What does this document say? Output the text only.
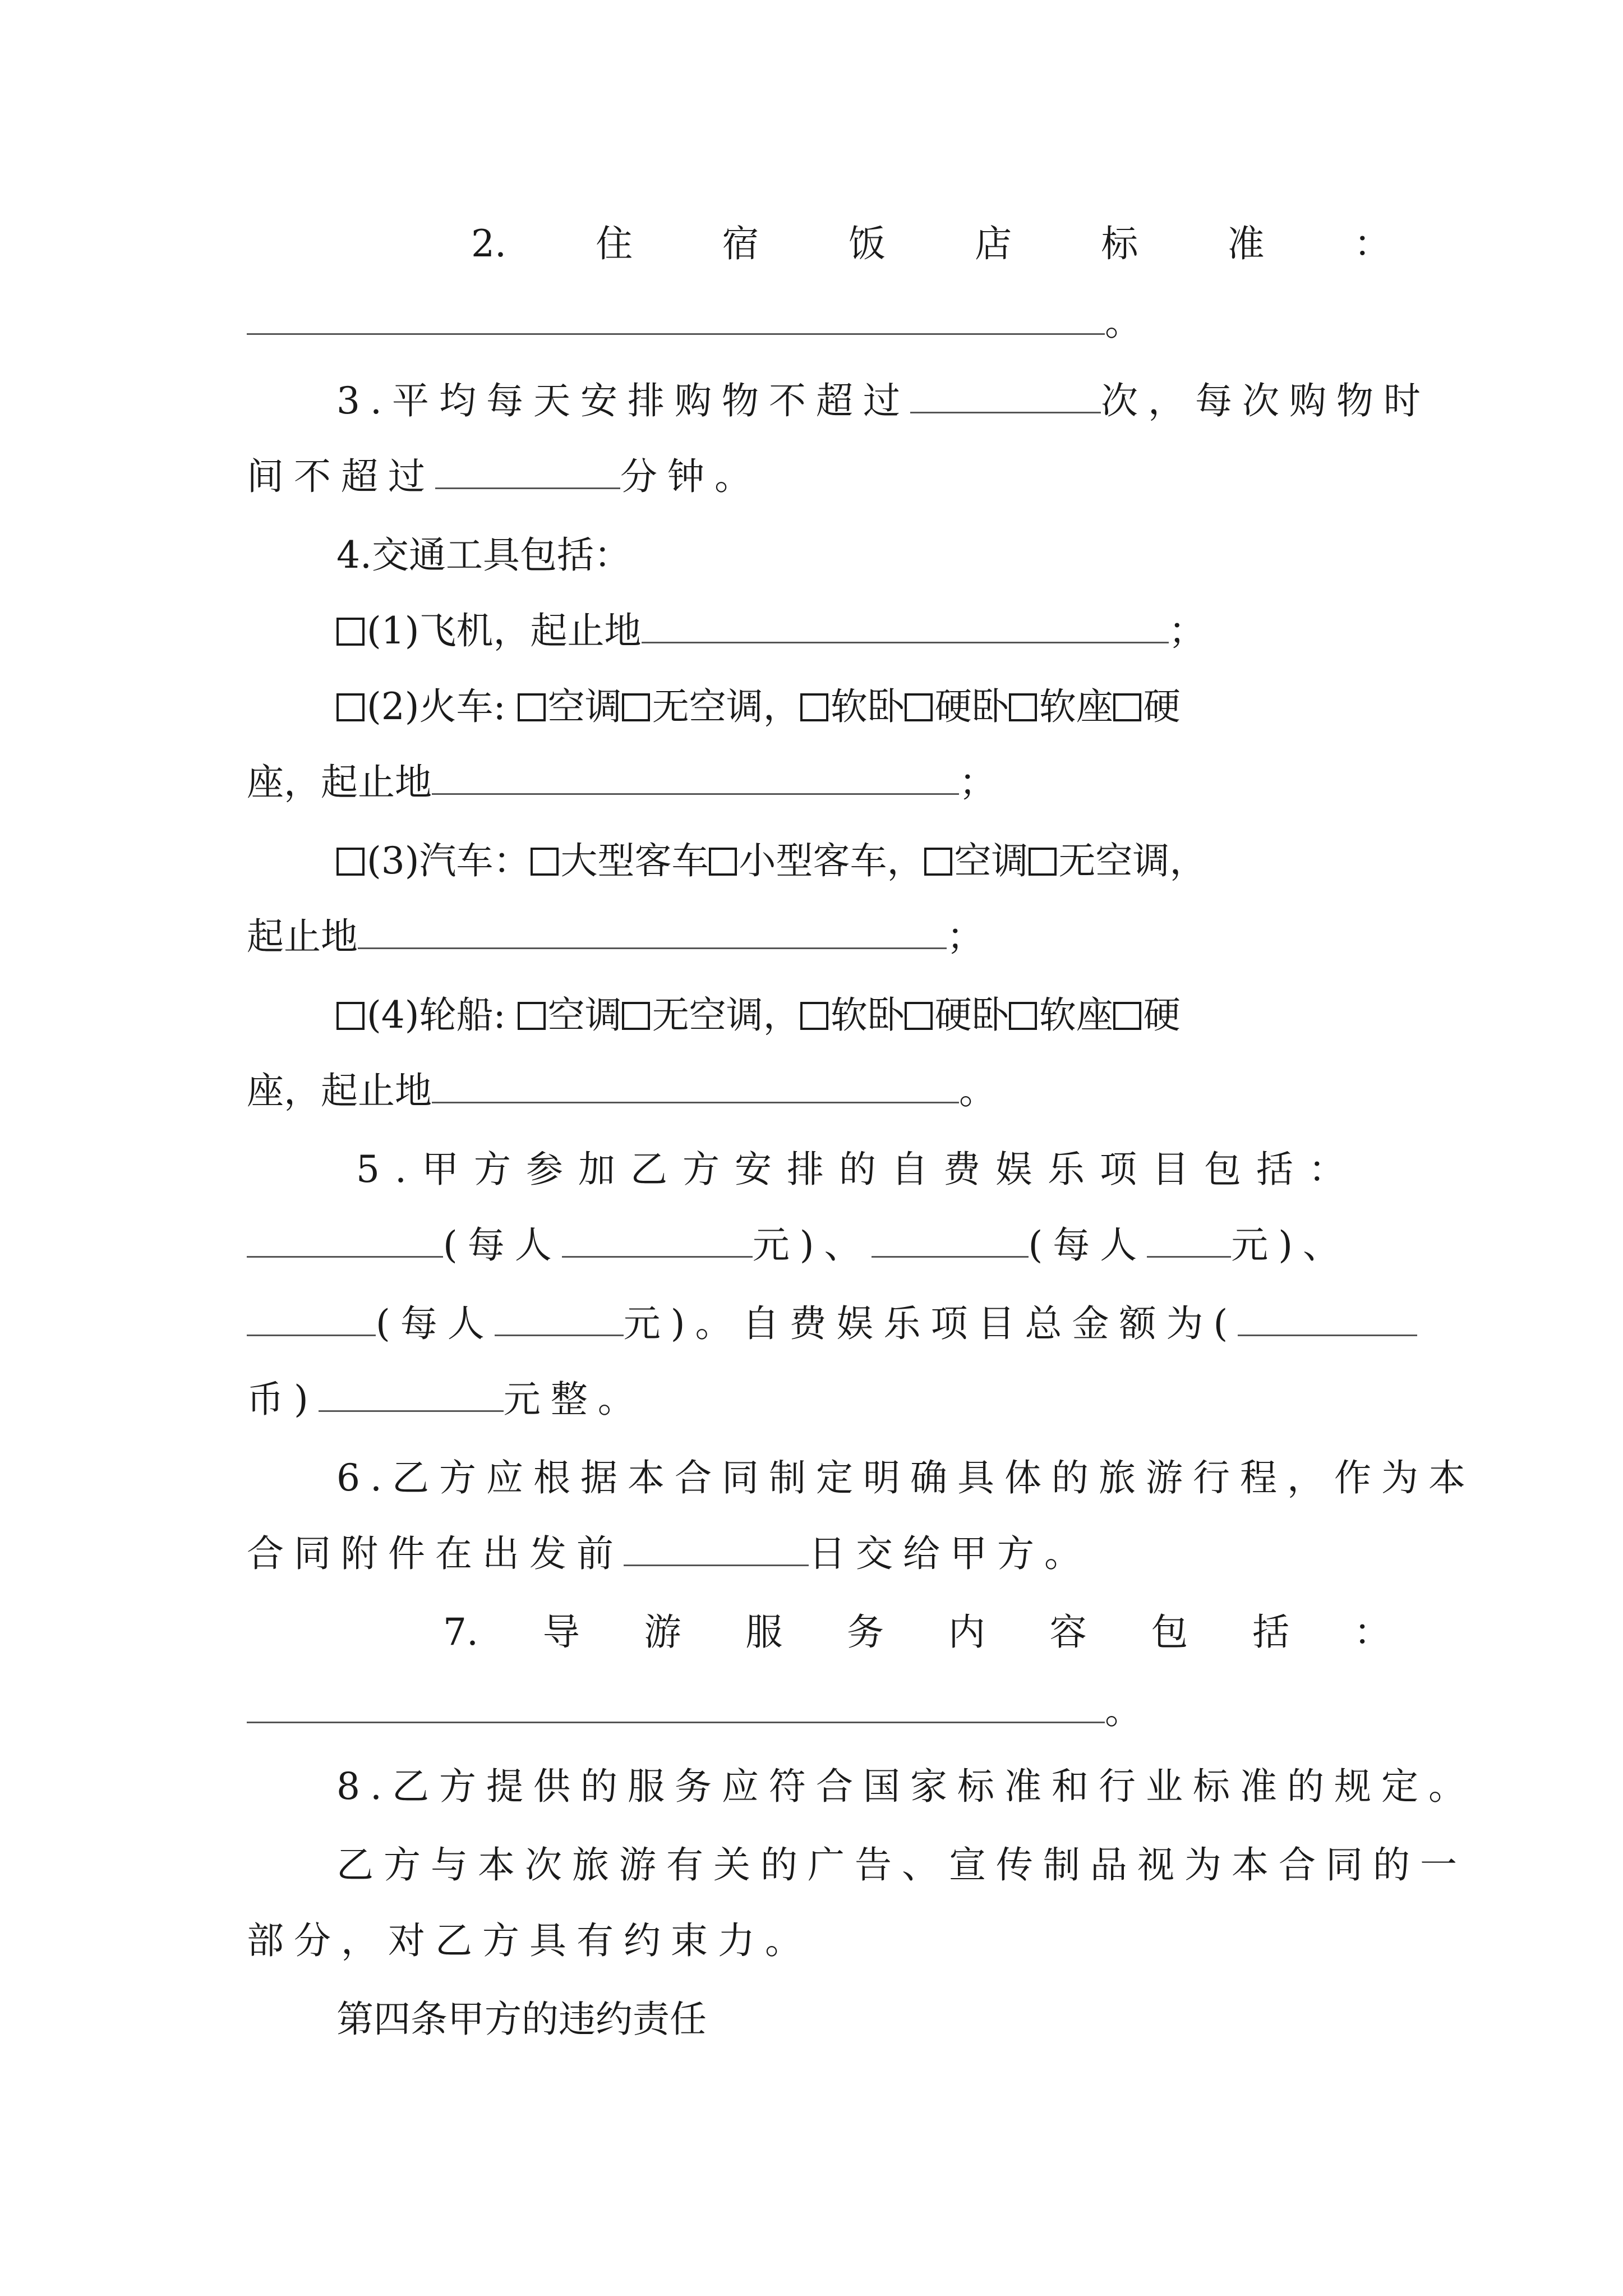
2. 住 宿 饭 店 标 准 ：
。
3.平均每天安排购物不超过	次，每次购物时
间不超过	分钟。
4.交通工具包括：
(1)飞机，起止地	；
(2)火车: 空调 无空调， 软卧 硬卧 软座 硬
座，起止地	；
(3)汽车： 大型客车 小型客车， 空调 无空调，
起止地	；
(4)轮船: 空调 无空调， 软卧 硬卧 软座 硬
座，起止地	。
5.甲方参加乙方安排的自费娱乐项目包括：
(每人	元)、	(每人 元)、
(每人	元)。自费娱乐项目总金额为(
币)	元整。
6.乙方应根据本合同制定明确具体的旅游行程，作为本
合同附件在出发前	日交给甲方。
7. 导 游 服 务 内 容 包 括 ：
。
8.乙方提供的服务应符合国家标准和行业标准的规定。
乙方与本次旅游有关的广告、宣传制品视为本合同的一
部分，对乙方具有约束力。
第四条甲方的违约责任
